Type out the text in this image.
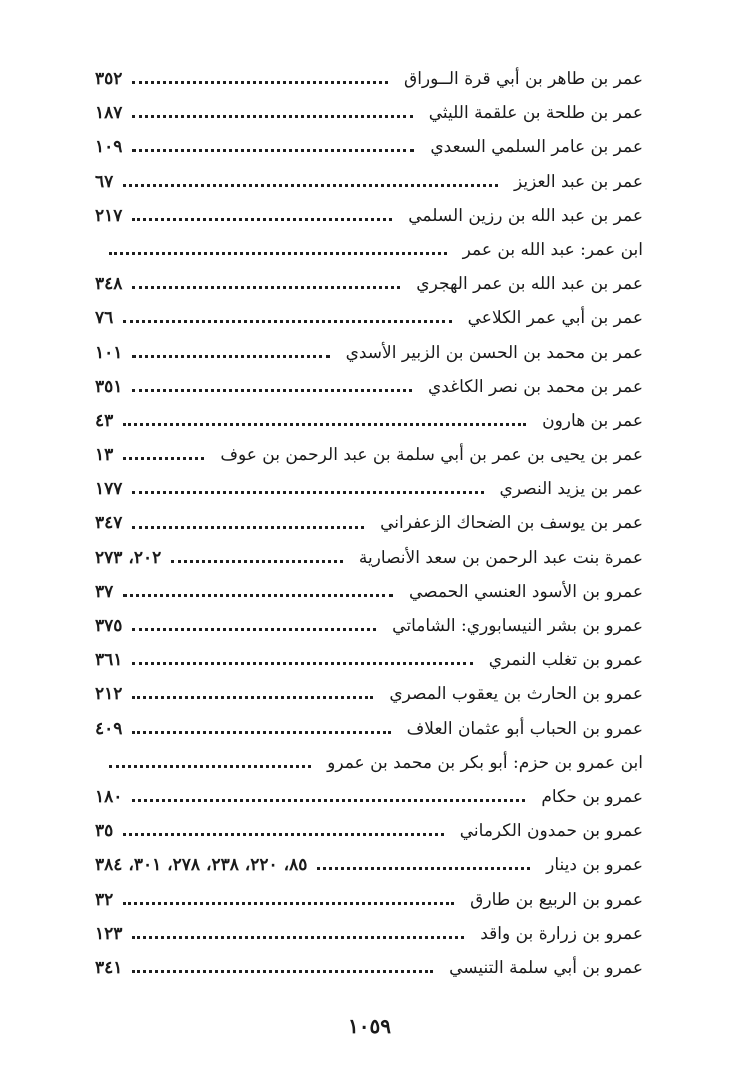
عمر بن طاهر بن أبي قرة الــوراق
٣٥٢
عمر بن طلحة بن علقمة الليثي
١٨٧
عمر بن عامر السلمي السعدي
١٠٩
عمر بن عبد العزيز
٦٧
عمر بن عبد الله بن رزين السلمي
٢١٧
ابن عمر: عبد الله بن عمر
عمر بن عبد الله بن عمر الهجري
٣٤٨
عمر بن أبي عمر الكلاعي
٧٦
عمر بن محمد بن الحسن بن الزبير الأسدي
١٠١
عمر بن محمد بن نصر الكاغدي
٣٥١
عمر بن هارون
٤٣
عمر بن يحيى بن عمر بن أبي سلمة بن عبد الرحمن بن عوف
١٣
عمر بن يزيد النصري
١٧٧
عمر بن يوسف بن الضحاك الزعفراني
٣٤٧
عمرة بنت عبد الرحمن بن سعد الأنصارية
٢٠٢، ٢٧٣
عمرو بن الأسود العنسي الحمصي
٣٧
عمرو بن بشر النيسابوري: الشاماتي
٣٧٥
عمرو بن تغلب النمري
٣٦١
عمرو بن الحارث بن يعقوب المصري
٢١٢
عمرو بن الحباب أبو عثمان العلاف
٤٠٩
ابن عمرو بن حزم: أبو بكر بن محمد بن عمرو
عمرو بن حكام
١٨٠
عمرو بن حمدون الكرماني
٣٥
عمرو بن دينار
٨٥، ٢٢٠، ٢٣٨، ٢٧٨، ٣٠١، ٣٨٤
عمرو بن الربيع بن طارق
٣٢
عمرو بن زرارة بن واقد
١٢٣
عمرو بن أبي سلمة التنيسي
٣٤١
١٠٥٩
